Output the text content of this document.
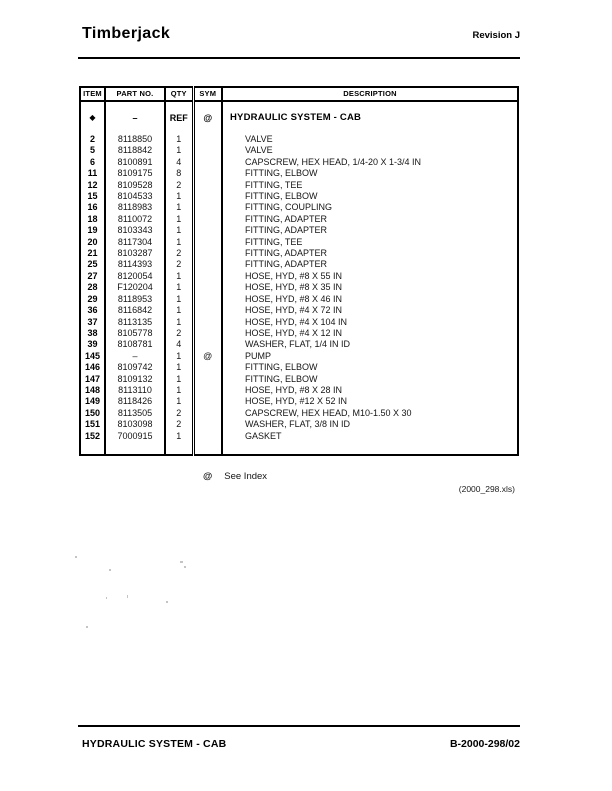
Timberjack	Revision J
ITEM	PART NO.	QTY	SYM	DESCRIPTION
◆	–	REF	@	HYDRAULIC SYSTEM - CAB
2	8118850	1		VALVE
5	8118842	1		VALVE
6	8100891	4		CAPSCREW, HEX HEAD, 1/4-20 X 1-3/4 IN
11	8109175	8		FITTING, ELBOW
12	8109528	2		FITTING, TEE
15	8104533	1		FITTING, ELBOW
16	8118983	1		FITTING, COUPLING
18	8110072	1		FITTING, ADAPTER
19	8103343	1		FITTING, ADAPTER
20	8117304	1		FITTING, TEE
21	8103287	2		FITTING, ADAPTER
25	8114393	2		FITTING, ADAPTER
27	8120054	1		HOSE, HYD, #8 X 55 IN
28	F120204	1		HOSE, HYD, #8 X 35 IN
29	8118953	1		HOSE, HYD, #8 X 46 IN
36	8116842	1		HOSE, HYD, #4 X 72 IN
37	8113135	1		HOSE, HYD, #4 X 104 IN
38	8105778	2		HOSE, HYD, #4 X 12 IN
39	8108781	4		WASHER, FLAT, 1/4 IN ID
145	–	1	@	PUMP
146	8109742	1		FITTING, ELBOW
147	8109132	1		FITTING, ELBOW
148	8113110	1		HOSE, HYD, #8 X 28 IN
149	8118426	1		HOSE, HYD, #12 X 52 IN
150	8113505	2		CAPSCREW, HEX HEAD, M10-1.50 X 30
151	8103098	2		WASHER, FLAT, 3/8 IN ID
152	7000915	1		GASKET

@ See Index
(2000_298.xls)
HYDRAULIC SYSTEM - CAB	B-2000-298/02
